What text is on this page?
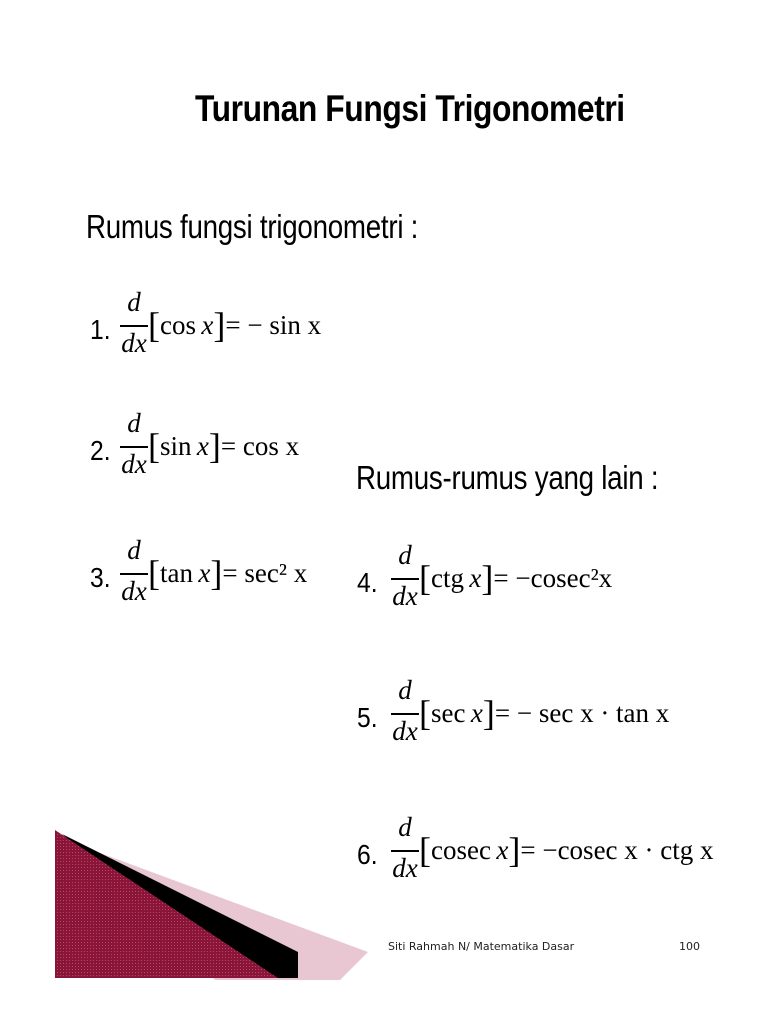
Turunan Fungsi Trigonometri
Rumus fungsi trigonometri :
1.
d
dx [cos  x]= − sin x
2.
d
dx [sin  x]= cos x
3.
d
dx [tan  x]= sec² x
Rumus-rumus yang lain :
4.
d
dx [ctg  x]= −cosec²x
5.
d
dx [sec  x]= − sec x · tan x
6.
d
dx [cosec  x]= −cosec x · ctg x
Siti Rahmah N/ Matematika Dasar	100
